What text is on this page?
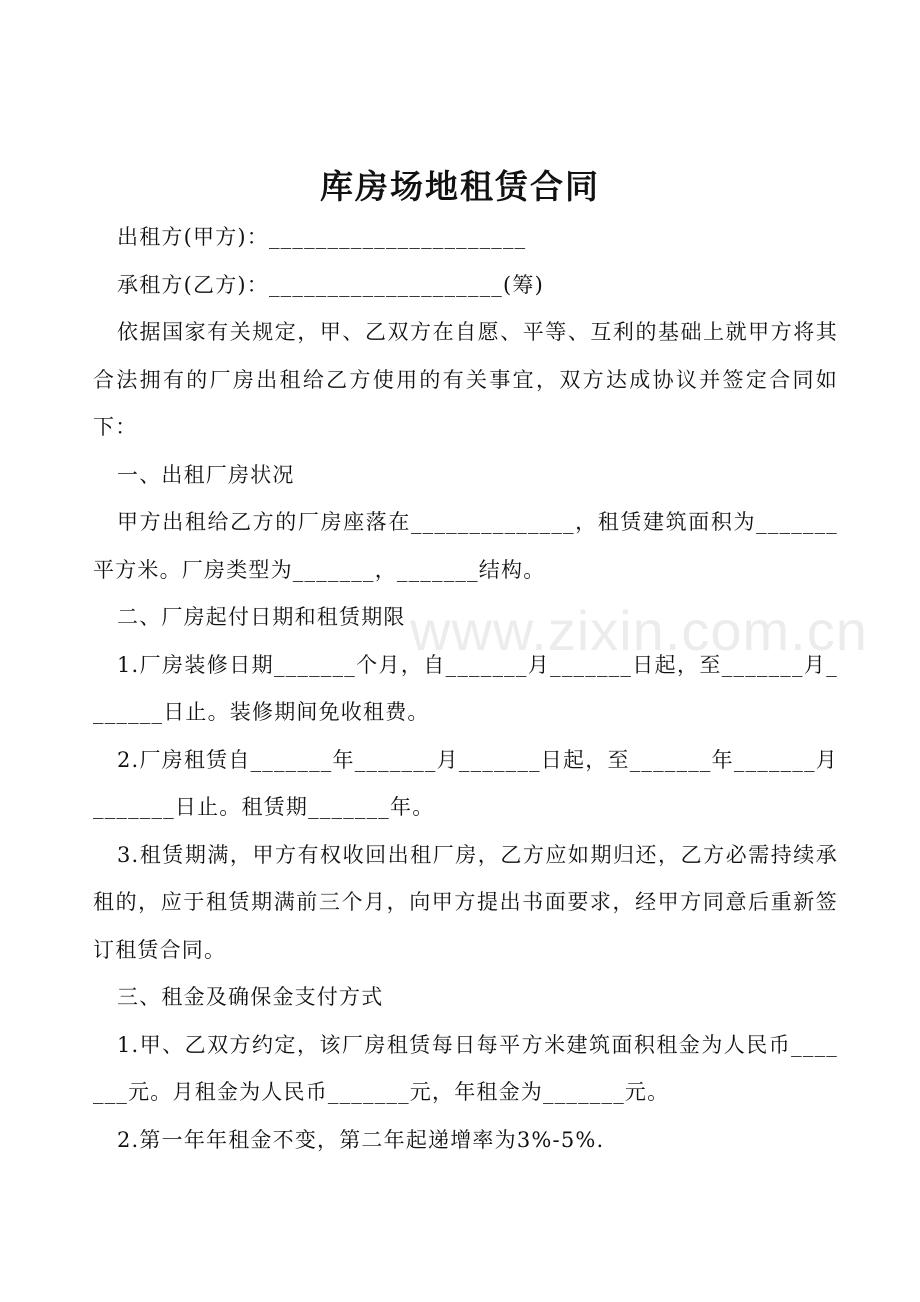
库房场地租赁合同

出租方(甲方)：______________________

承租方(乙方)：____________________(筹)

依据国家有关规定，甲、乙双方在自愿、平等、互利的基础上就甲方将其合法拥有的厂房出租给乙方使用的有关事宜，双方达成协议并签定合同如下：

一、出租厂房状况

甲方出租给乙方的厂房座落在______________，租赁建筑面积为_______平方米。厂房类型为_______，_______结构。

二、厂房起付日期和租赁期限

1.厂房装修日期_______个月，自_______月_______日起，至_______月_______日止。装修期间免收租费。

2.厂房租赁自_______年_______月_______日起，至_______年_______月_______日止。租赁期_______年。

3.租赁期满，甲方有权收回出租厂房，乙方应如期归还，乙方必需持续承租的，应于租赁期满前三个月，向甲方提出书面要求，经甲方同意后重新签订租赁合同。

三、租金及确保金支付方式

1.甲、乙双方约定，该厂房租赁每日每平方米建筑面积租金为人民币_______元。月租金为人民币_______元，年租金为_______元。

2.第一年年租金不变，第二年起递增率为3%-5%.

www.zixin.com.cn
